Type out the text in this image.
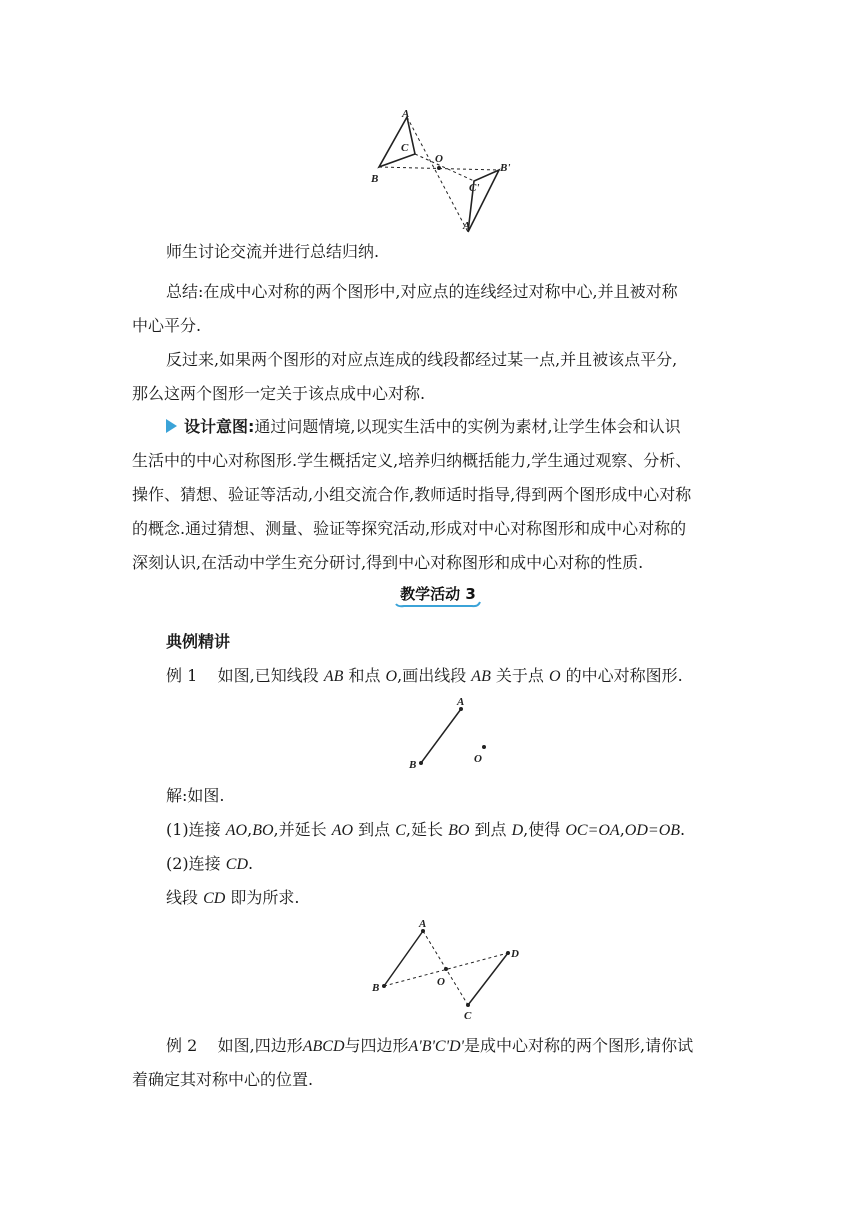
A
C
B
O
B'
C'
A'
师生讨论交流并进行总结归纳.
总结:在成中心对称的两个图形中,对应点的连线经过对称中心,并且被对称
中心平分.
反过来,如果两个图形的对应点连成的线段都经过某一点,并且被该点平分,
那么这两个图形一定关于该点成中心对称.
设计意图:通过问题情境,以现实生活中的实例为素材,让学生体会和认识
生活中的中心对称图形.学生概括定义,培养归纳概括能力,学生通过观察、分析、
操作、猜想、验证等活动,小组交流合作,教师适时指导,得到两个图形成中心对称
的概念.通过猜想、测量、验证等探究活动,形成对中心对称图形和成中心对称的
深刻认识,在活动中学生充分研讨,得到中心对称图形和成中心对称的性质.
教学活动 3
典例精讲
例 1 如图,已知线段 AB 和点 O,画出线段 AB 关于点 O 的中心对称图形.
A
B	O
解:如图.
(1)连接 AO,BO,并延长 AO 到点 C,延长 BO 到点 D,使得 OC=OA,OD=OB.
(2)连接 CD.
线段 CD 即为所求.
A
B	O
C
D
例 2 如图,四边形ABCD与四边形A'B'C'D'是成中心对称的两个图形,请你试
着确定其对称中心的位置.
